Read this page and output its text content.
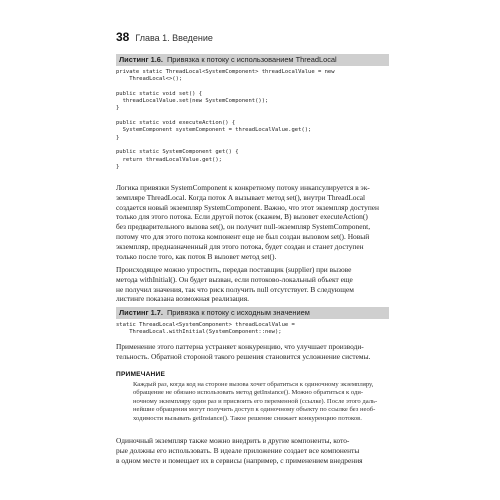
38 Глава 1. Введение
Листинг 1.6. Привязка к потоку с использованием ThreadLocal
private static ThreadLocal<SystemComponent> threadLocalValue = new
ThreadLocal<>();

public static void set() {
threadLocalValue.set(new SystemComponent());
}

public static void executeAction() {
SystemComponent systemComponent = threadLocalValue.get();
}

public static SystemComponent get() {
return threadLocalValue.get();
}
Логика привязки SystemComponent к конкретному потоку инкапсулируется в эк-
земпляре ThreadLocal. Когда поток А вызывает метод set(), внутри ThreadLocal
создается новый экземпляр SystemComponent. Важно, что этот экземпляр доступен
только для этого потока. Если другой поток (скажем, B) вызовет executeAction()
без предварительного вызова set(), он получит null-экземпляр SystemComponent,
потому что для этого потока компонент еще не был создан вызовом set(). Новый
экземпляр, предназначенный для этого потока, будет создан и станет доступен
только после того, как поток B вызовет метод set().
Происходящее можно упростить, передав поставщик (supplier) при вызове
метода withInitial(). Он будет вызван, если потоково-локальный объект еще
не получил значения, так что риск получить null отсутствует. В следующем
листинге показана возможная реализация.
Листинг 1.7. Привязка к потоку с исходным значением
static ThreadLocal<SystemComponent> threadLocalValue =
ThreadLocal.withInitial(SystemComponent::new);
Применение этого паттерна устраняет конкуренцию, что улучшает производи-
тельность. Обратной стороной такого решения становится усложнение системы.
ПРИМЕЧАНИЕ
Каждый раз, когда код на стороне вызова хочет обратиться к одиночному экземпляру,
обращение не обязано использовать метод getInstance(). Можно обратиться к оди-
ночному экземпляру один раз и присвоить его переменной (ссылке). После этого даль-
нейшие обращения могут получить доступ к одиночному объекту по ссылке без необ-
ходимости вызывать getInstance(). Такое решение снижает конкуренцию потоков.
Одиночный экземпляр также можно внедрить в другие компоненты, кото-
рые должны его использовать. В идеале приложение создает все компоненты
в одном месте и помещает их в сервисы (например, с применением внедрения
